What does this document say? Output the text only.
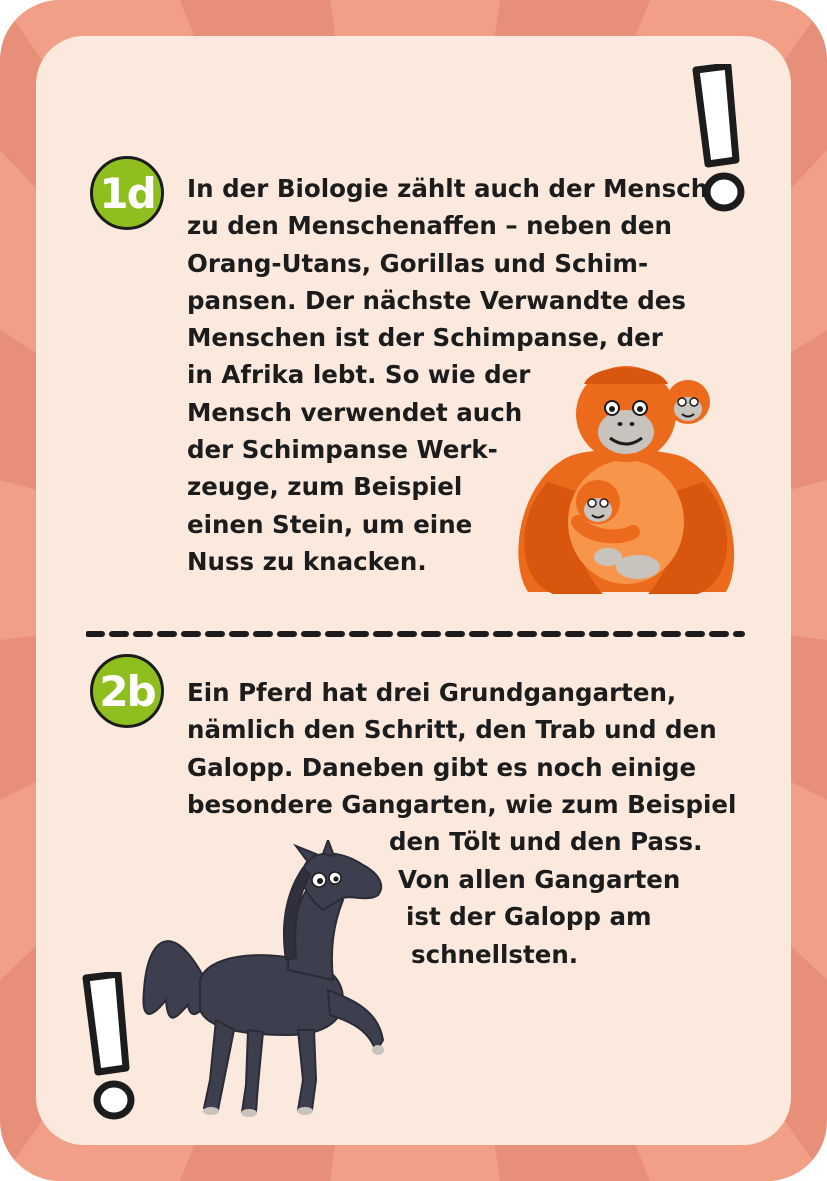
1d In der Biologie zählt auch der Mensch
zu den Menschenaffen – neben den
Orang-Utans, Gorillas und Schim-
pansen. Der nächste Verwandte des
Menschen ist der Schimpanse, der
in Afrika lebt. So wie der
Mensch verwendet auch
der Schimpanse Werk-
zeuge, zum Beispiel
einen Stein, um eine
Nuss zu knacken.

2b Ein Pferd hat drei Grundgangarten,
nämlich den Schritt, den Trab und den
Galopp. Daneben gibt es noch einige
besondere Gangarten, wie zum Beispiel

den Tölt und den Pass.

Von allen Gangarten

ist der Galopp am

schnellsten.
